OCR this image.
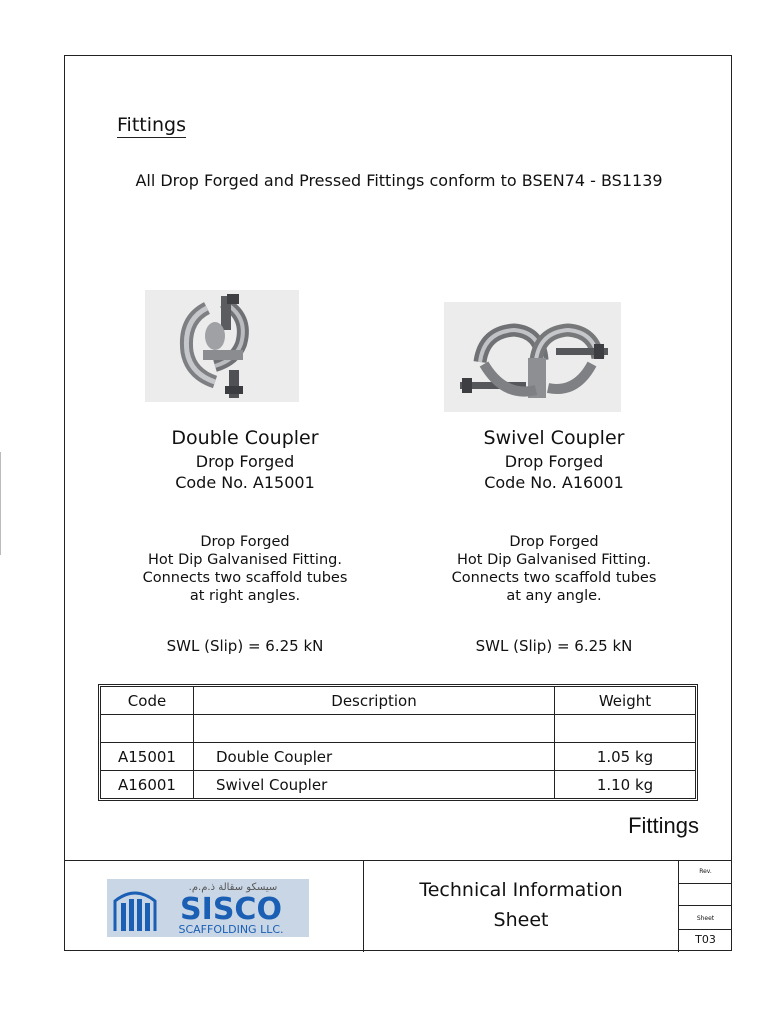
Fittings
All Drop Forged and Pressed Fittings conform to BSEN74 - BS1139
Double Coupler
Drop Forged
Code No. A15001
Drop Forged
Hot Dip Galvanised Fitting.
Connects two scaffold tubes
at right angles.
SWL (Slip) = 6.25 kN
Swivel Coupler
Drop Forged
Code No. A16001
Drop Forged
Hot Dip Galvanised Fitting.
Connects two scaffold tubes
at any angle.
SWL (Slip) = 6.25 kN
Code	Description	Weight

A15001	Double Coupler	1.05 kg
A16001	Swivel Coupler	1.10 kg
Fittings
سيسكو سقالة ذ.م.م.
SISCO
SCAFFOLDING LLC.
Technical Information
Sheet
Rev.
Sheet
T03
